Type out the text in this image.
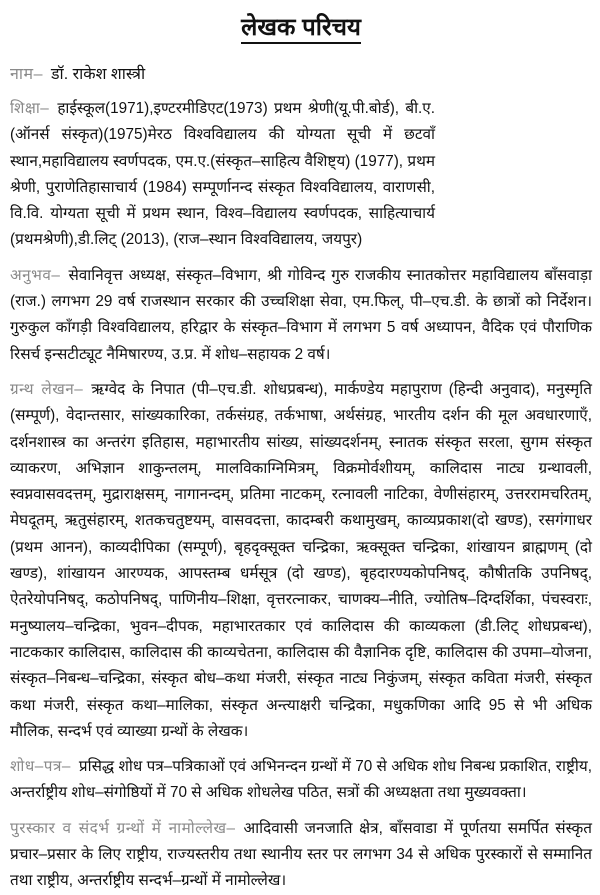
लेखक परिचय

नाम– डॉ. राकेश शास्त्री

शिक्षा– हाईस्कूल(1971),इण्टरमीडिएट(1973) प्रथम श्रेणी(यू.पी.बोर्ड), बी.ए.(ऑनर्स संस्कृत)(1975)मेरठ विश्वविद्यालय की योग्यता सूची में छटवाँ स्थान,महाविद्यालय स्वर्णपदक, एम.ए.(संस्कृत–साहित्य वैशिष्ट्य) (1977), प्रथम श्रेणी, पुराणेतिहासाचार्य (1984) सम्पूर्णानन्द संस्कृत विश्वविद्यालय, वाराणसी, वि.वि. योग्यता सूची में प्रथम स्थान, विश्व–विद्यालय स्वर्णपदक, साहित्याचार्य (प्रथमश्रेणी),डी.लिट् (2013), (राज–स्थान विश्वविद्यालय, जयपुर)

अनुभव– सेवानिवृत्त अध्यक्ष, संस्कृत–विभाग, श्री गोविन्द गुरु राजकीय स्नातकोत्तर महाविद्यालय बाँसवाड़ा (राज.) लगभग 29 वर्ष राजस्थान सरकार की उच्चशिक्षा सेवा, एम.फिल्, पी–एच.डी. के छात्रों को निर्देशन। गुरुकुल काँगड़ी विश्वविद्यालय, हरिद्वार के संस्कृत–विभाग में लगभग 5 वर्ष अध्यापन, वैदिक एवं पौराणिक रिसर्च इन्सटीट्यूट नैमिषारण्य, उ.प्र. में शोध–सहायक 2 वर्ष।

ग्रन्थ लेखन– ऋग्वेद के निपात (पी–एच.डी. शोधप्रबन्ध), मार्कण्डेय महापुराण (हिन्दी अनुवाद), मनुस्मृति (सम्पूर्ण), वेदान्तसार, सांख्यकारिका, तर्कसंग्रह, तर्कभाषा, अर्थसंग्रह, भारतीय दर्शन की मूल अवधारणाएँ, दर्शनशास्त्र का अन्तरंग इतिहास, महाभारतीय सांख्य, सांख्यदर्शनम्, स्नातक संस्कृत सरला, सुगम संस्कृत व्याकरण, अभिज्ञान शाकुन्तलम्, मालविकाग्निमित्रम्, विक्रमोर्वशीयम्, कालिदास नाट्य ग्रन्थावली, स्वप्नवासवदत्तम्, मुद्राराक्षसम्, नागानन्दम्, प्रतिमा नाटकम्, रत्नावली नाटिका, वेणीसंहारम्, उत्तररामचरितम्, मेघदूतम्, ऋतुसंहारम्, शतकचतुष्टयम्, वासवदत्ता, कादम्बरी कथामुखम्, काव्यप्रकाश(दो खण्ड), रसगंगाधर (प्रथम आनन), काव्यदीपिका (सम्पूर्ण), बृहदृक्सूक्त चन्द्रिका, ऋक्सूक्त चन्द्रिका, शांखायन ब्राह्मणम् (दो खण्ड), शांखायन आरण्यक, आपस्तम्ब धर्मसूत्र (दो खण्ड), बृहदारण्यकोपनिषद्, कौषीतकि उपनिषद्, ऐतरेयोपनिषद्, कठोपनिषद्, पाणिनीय–शिक्षा, वृत्तरत्नाकर, चाणक्य–नीति, ज्योतिष–दिग्दर्शिका, पंचस्वराः, मनुष्यालय–चन्द्रिका, भुवन–दीपक, महाभारतकार एवं कालिदास की काव्यकला (डी.लिट् शोधप्रबन्ध), नाटककार कालिदास, कालिदास की काव्यचेतना, कालिदास की वैज्ञानिक दृष्टि, कालिदास की उपमा–योजना, संस्कृत–निबन्ध–चन्द्रिका, संस्कृत बोध–कथा मंजरी, संस्कृत नाट्य निकुंजम्, संस्कृत कविता मंजरी, संस्कृत कथा मंजरी, संस्कृत कथा–मालिका, संस्कृत अन्त्याक्षरी चन्द्रिका, मधुकणिका आदि 95 से भी अधिक मौलिक, सन्दर्भ एवं व्याख्या ग्रन्थों के लेखक।

शोध–पत्र– प्रसिद्ध शोध पत्र–पत्रिकाओं एवं अभिनन्दन ग्रन्थों में 70 से अधिक शोध निबन्ध प्रकाशित, राष्ट्रीय, अन्तर्राष्ट्रीय शोध–संगोष्ठियों में 70 से अधिक शोधलेख पठित, सत्रों की अध्यक्षता तथा मुख्यवक्ता।

पुरस्कार व संदर्भ ग्रन्थों में नामोल्लेख– आदिवासी जनजाति क्षेत्र, बाँसवाडा में पूर्णतया समर्पित संस्कृत प्रचार–प्रसार के लिए राष्ट्रीय, राज्यस्तरीय तथा स्थानीय स्तर पर लगभग 34 से अधिक पुरस्कारों से सम्मानित तथा राष्ट्रीय, अन्तर्राष्ट्रीय सन्दर्भ–ग्रन्थों में नामोल्लेख।
